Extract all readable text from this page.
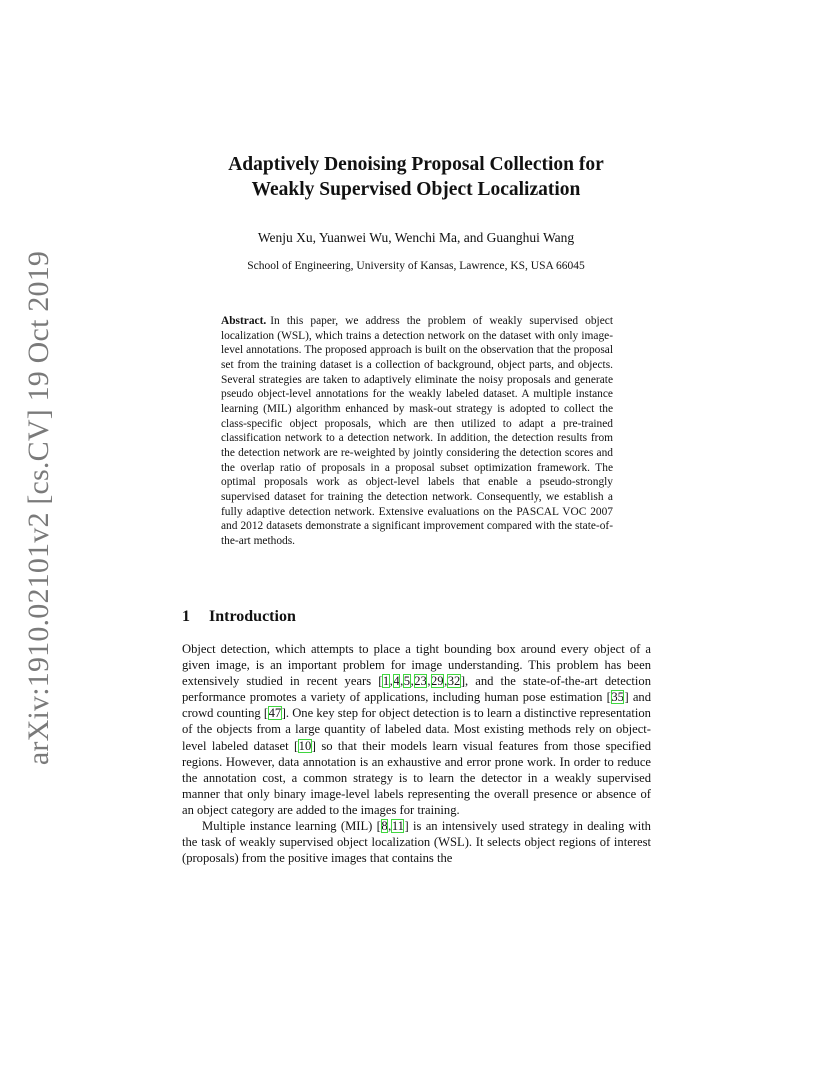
arXiv:1910.02101v2 [cs.CV] 19 Oct 2019
Adaptively Denoising Proposal Collection for
Weakly Supervised Object Localization
Wenju Xu, Yuanwei Wu, Wenchi Ma, and Guanghui Wang
School of Engineering, University of Kansas, Lawrence, KS, USA 66045
Abstract. In this paper, we address the problem of weakly supervised object localization (WSL), which trains a detection network on the dataset with only image-level annotations. The proposed approach is built on the observation that the proposal set from the training dataset is a collection of background, object parts, and objects. Several strategies are taken to adaptively eliminate the noisy proposals and generate pseudo object-level annotations for the weakly labeled dataset. A multiple instance learning (MIL) algorithm enhanced by mask-out strategy is adopted to collect the class-specific object proposals, which are then utilized to adapt a pre-trained classification network to a detection network. In addition, the detection results from the detection network are re-weighted by jointly considering the detection scores and the overlap ratio of proposals in a proposal subset optimization framework. The optimal proposals work as object-level labels that enable a pseudo-strongly supervised dataset for training the detection network. Consequently, we establish a fully adaptive detection network. Extensive evaluations on the PASCAL VOC 2007 and 2012 datasets demonstrate a significant improvement compared with the state-of-the-art methods.
1 Introduction

Object detection, which attempts to place a tight bounding box around every object of a given image, is an important problem for image understanding. This problem has been extensively studied in recent years [1,4,5,23,29,32], and the state-of-the-art detection performance promotes a variety of applications, including human pose estimation [35] and crowd counting [47]. One key step for object detection is to learn a distinctive representation of the objects from a large quantity of labeled data. Most existing methods rely on object-level labeled dataset [10] so that their models learn visual features from those specified regions. However, data annotation is an exhaustive and error prone work. In order to reduce the annotation cost, a common strategy is to learn the detector in a weakly supervised manner that only binary image-level labels representing the overall presence or absence of an object category are added to the images for training.

Multiple instance learning (MIL) [8,11] is an intensively used strategy in dealing with the task of weakly supervised object localization (WSL). It selects object regions of interest (proposals) from the positive images that contains the
